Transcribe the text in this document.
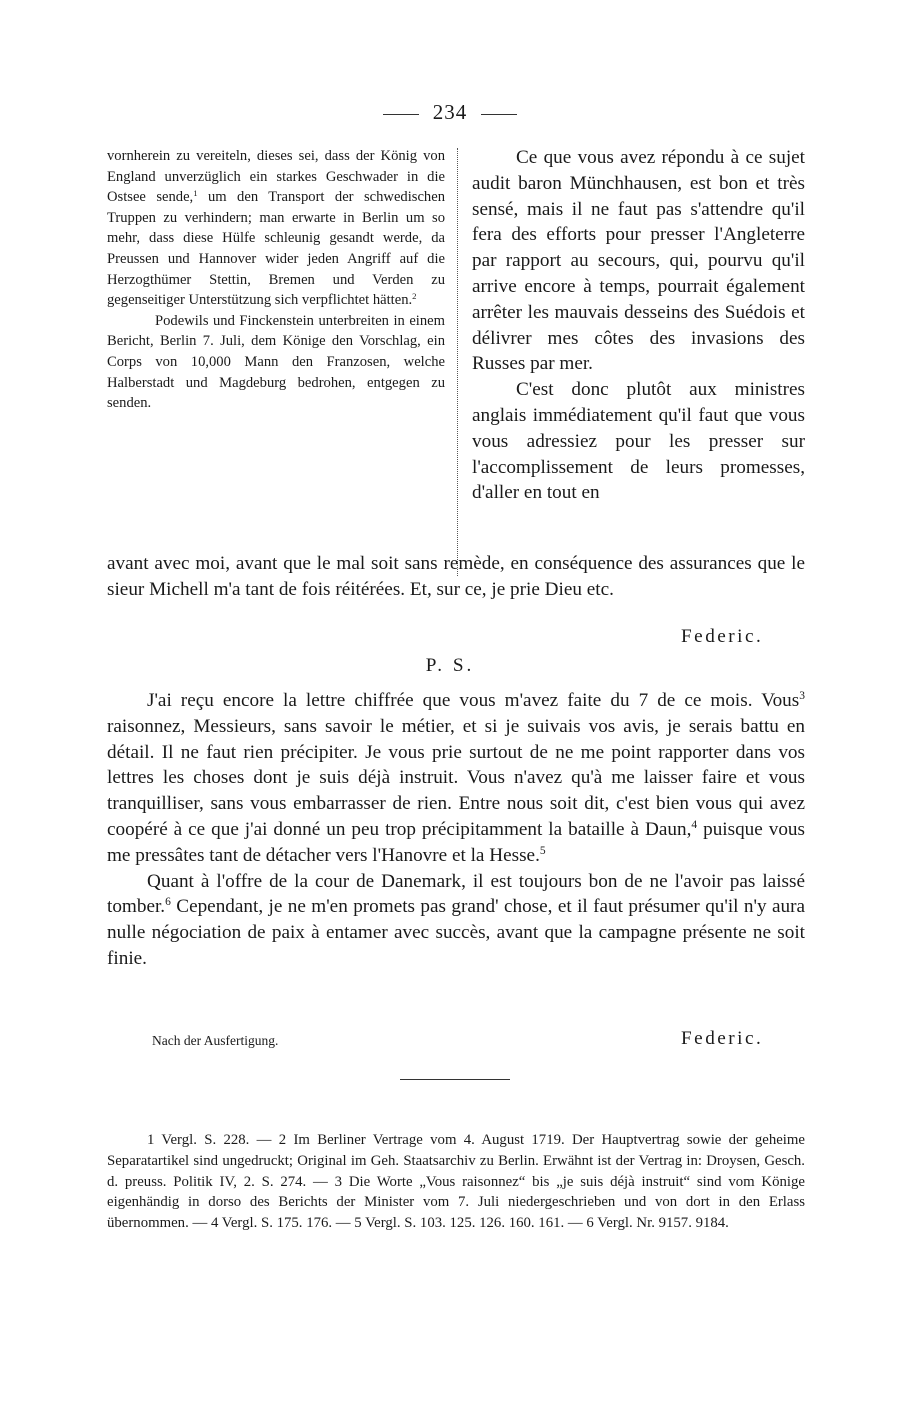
234

vornherein zu vereiteln, dieses sei, dass der König von England unverzüglich ein starkes Geschwader in die Ostsee sende,$^1$ um den Transport der schwedischen Truppen zu verhindern; man erwarte in Berlin um so mehr, dass diese Hülfe schleunig gesandt werde, da Preussen und Hannover wider jeden Angriff auf die Herzogthümer Stettin, Bremen und Verden zu gegenseitiger Unterstützung sich verpflichtet hätten.$^2$

Podewils und Finckenstein unterbreiten in einem Bericht, Berlin 7. Juli, dem Könige den Vorschlag, ein Corps von 10,000 Mann den Franzosen, welche Halberstadt und Magdeburg bedrohen, entgegen zu senden.

Ce que vous avez répondu à ce sujet audit baron Münchhausen, est bon et très sensé, mais il ne faut pas s'attendre qu'il fera des efforts pour presser l'Angleterre par rapport au secours, qui, pourvu qu'il arrive encore à temps, pourrait également arrêter les mauvais desseins des Suédois et délivrer mes côtes des invasions des Russes par mer.

C'est donc plutôt aux ministres anglais immédiatement qu'il faut que vous vous adressiez pour les presser sur l'accomplissement de leurs promesses, d'aller en tout en

avant avec moi, avant que le mal soit sans remède, en conséquence des assurances que le sieur Michell m'a tant de fois réitérées. Et, sur ce, je prie Dieu etc.

Federic.
P. S.

J'ai reçu encore la lettre chiffrée que vous m'avez faite du 7 de ce mois. Vous$^3$ raisonnez, Messieurs, sans savoir le métier, et si je suivais vos avis, je serais battu en détail. Il ne faut rien précipiter. Je vous prie surtout de ne me point rapporter dans vos lettres les choses dont je suis déjà instruit. Vous n'avez qu'à me laisser faire et vous tranquilliser, sans vous embarrasser de rien. Entre nous soit dit, c'est bien vous qui avez coopéré à ce que j'ai donné un peu trop précipitamment la bataille à Daun,$^4$ puisque vous me pressâtes tant de détacher vers l'Hanovre et la Hesse.$^5$

Quant à l'offre de la cour de Danemark, il est toujours bon de ne l'avoir pas laissé tomber.$^6$ Cependant, je ne m'en promets pas grand' chose, et il faut présumer qu'il n'y aura nulle négociation de paix à entamer avec succès, avant que la campagne présente ne soit finie.

Nach der Ausfertigung.	Federic.

1 Vergl. S. 228. — 2 Im Berliner Vertrage vom 4. August 1719. Der Hauptvertrag sowie der geheime Separatartikel sind ungedruckt; Original im Geh. Staatsarchiv zu Berlin. Erwähnt ist der Vertrag in: Droysen, Gesch. d. preuss. Politik IV, 2. S. 274. — 3 Die Worte „Vous raisonnez“ bis „je suis déjà instruit“ sind vom Könige eigenhändig in dorso des Berichts der Minister vom 7. Juli niedergeschrieben und von dort in den Erlass übernommen. — 4 Vergl. S. 175. 176. — 5 Vergl. S. 103. 125. 126. 160. 161. — 6 Vergl. Nr. 9157. 9184.
